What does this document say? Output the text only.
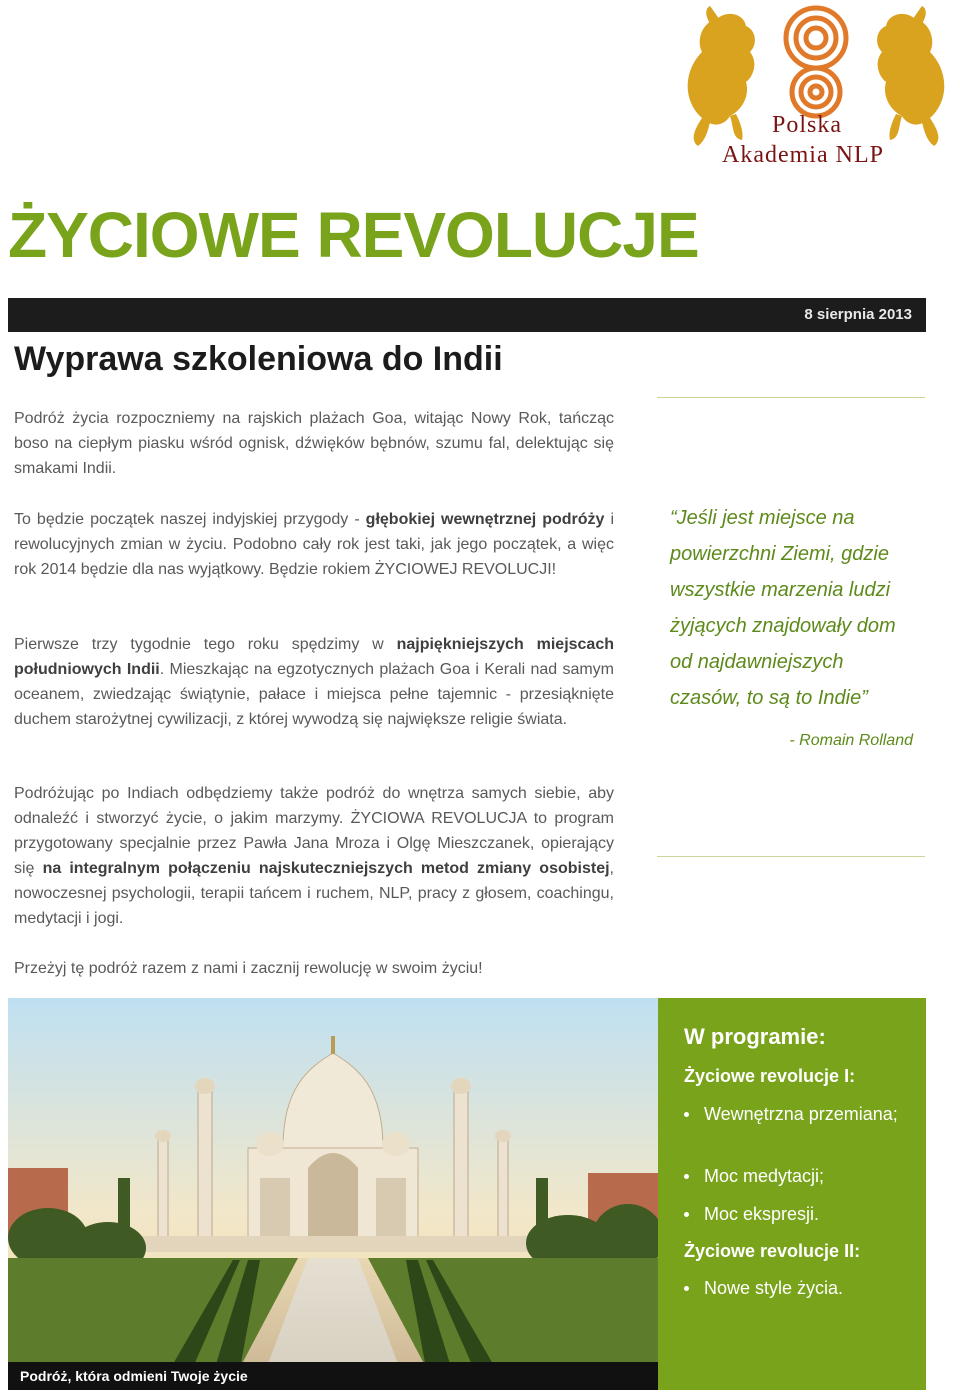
Polska
Akademia NLP
ŻYCIOWE REVOLUCJE
8 sierpnia 2013
Wyprawa szkoleniowa do Indii
Podróż życia rozpoczniemy na rajskich plażach Goa, witając Nowy Rok, tańcząc boso na ciepłym piasku wśród ognisk, dźwięków bębnów, szumu fal, delektując się smakami Indii.
To będzie początek naszej indyjskiej przygody - głębokiej wewnętrznej podróży i rewolucyjnych zmian w życiu. Podobno cały rok jest taki, jak jego początek, a więc rok 2014 będzie dla nas wyjątkowy. Będzie rokiem ŻYCIOWEJ REVOLUCJI!
Pierwsze trzy tygodnie tego roku spędzimy w najpiękniejszych miejscach południowych Indii. Mieszkając na egzotycznych plażach Goa i Kerali nad samym oceanem, zwiedzając świątynie, pałace i miejsca pełne tajemnic - przesiąknięte duchem starożytnej cywilizacji, z której wywodzą się największe religie świata.
Podróżując po Indiach odbędziemy także podróż do wnętrza samych siebie, aby odnaleźć i stworzyć życie, o jakim marzymy. ŻYCIOWA REVOLUCJA to program przygotowany specjalnie przez Pawła Jana Mroza i Olgę Mieszczanek, opierający się na integralnym połączeniu najskuteczniejszych metod zmiany osobistej, nowoczesnej psychologii, terapii tańcem i ruchem, NLP, pracy z głosem, coachingu, medytacji i jogi.
Przeżyj tę podróż razem z nami i zacznij rewolucję w swoim życiu!
“Jeśli jest miejsce na powierzchni Ziemi, gdzie wszystkie marzenia ludzi żyjących znajdowały dom od najdawniejszych czasów, to są to Indie”
- Romain Rolland
Podróż, która odmieni Twoje życie
W programie:
Życiowe revolucje I:
Wewnętrzna przemiana;
Moc medytacji;
Moc ekspresji.
Życiowe revolucje II:
Nowe style życia.
